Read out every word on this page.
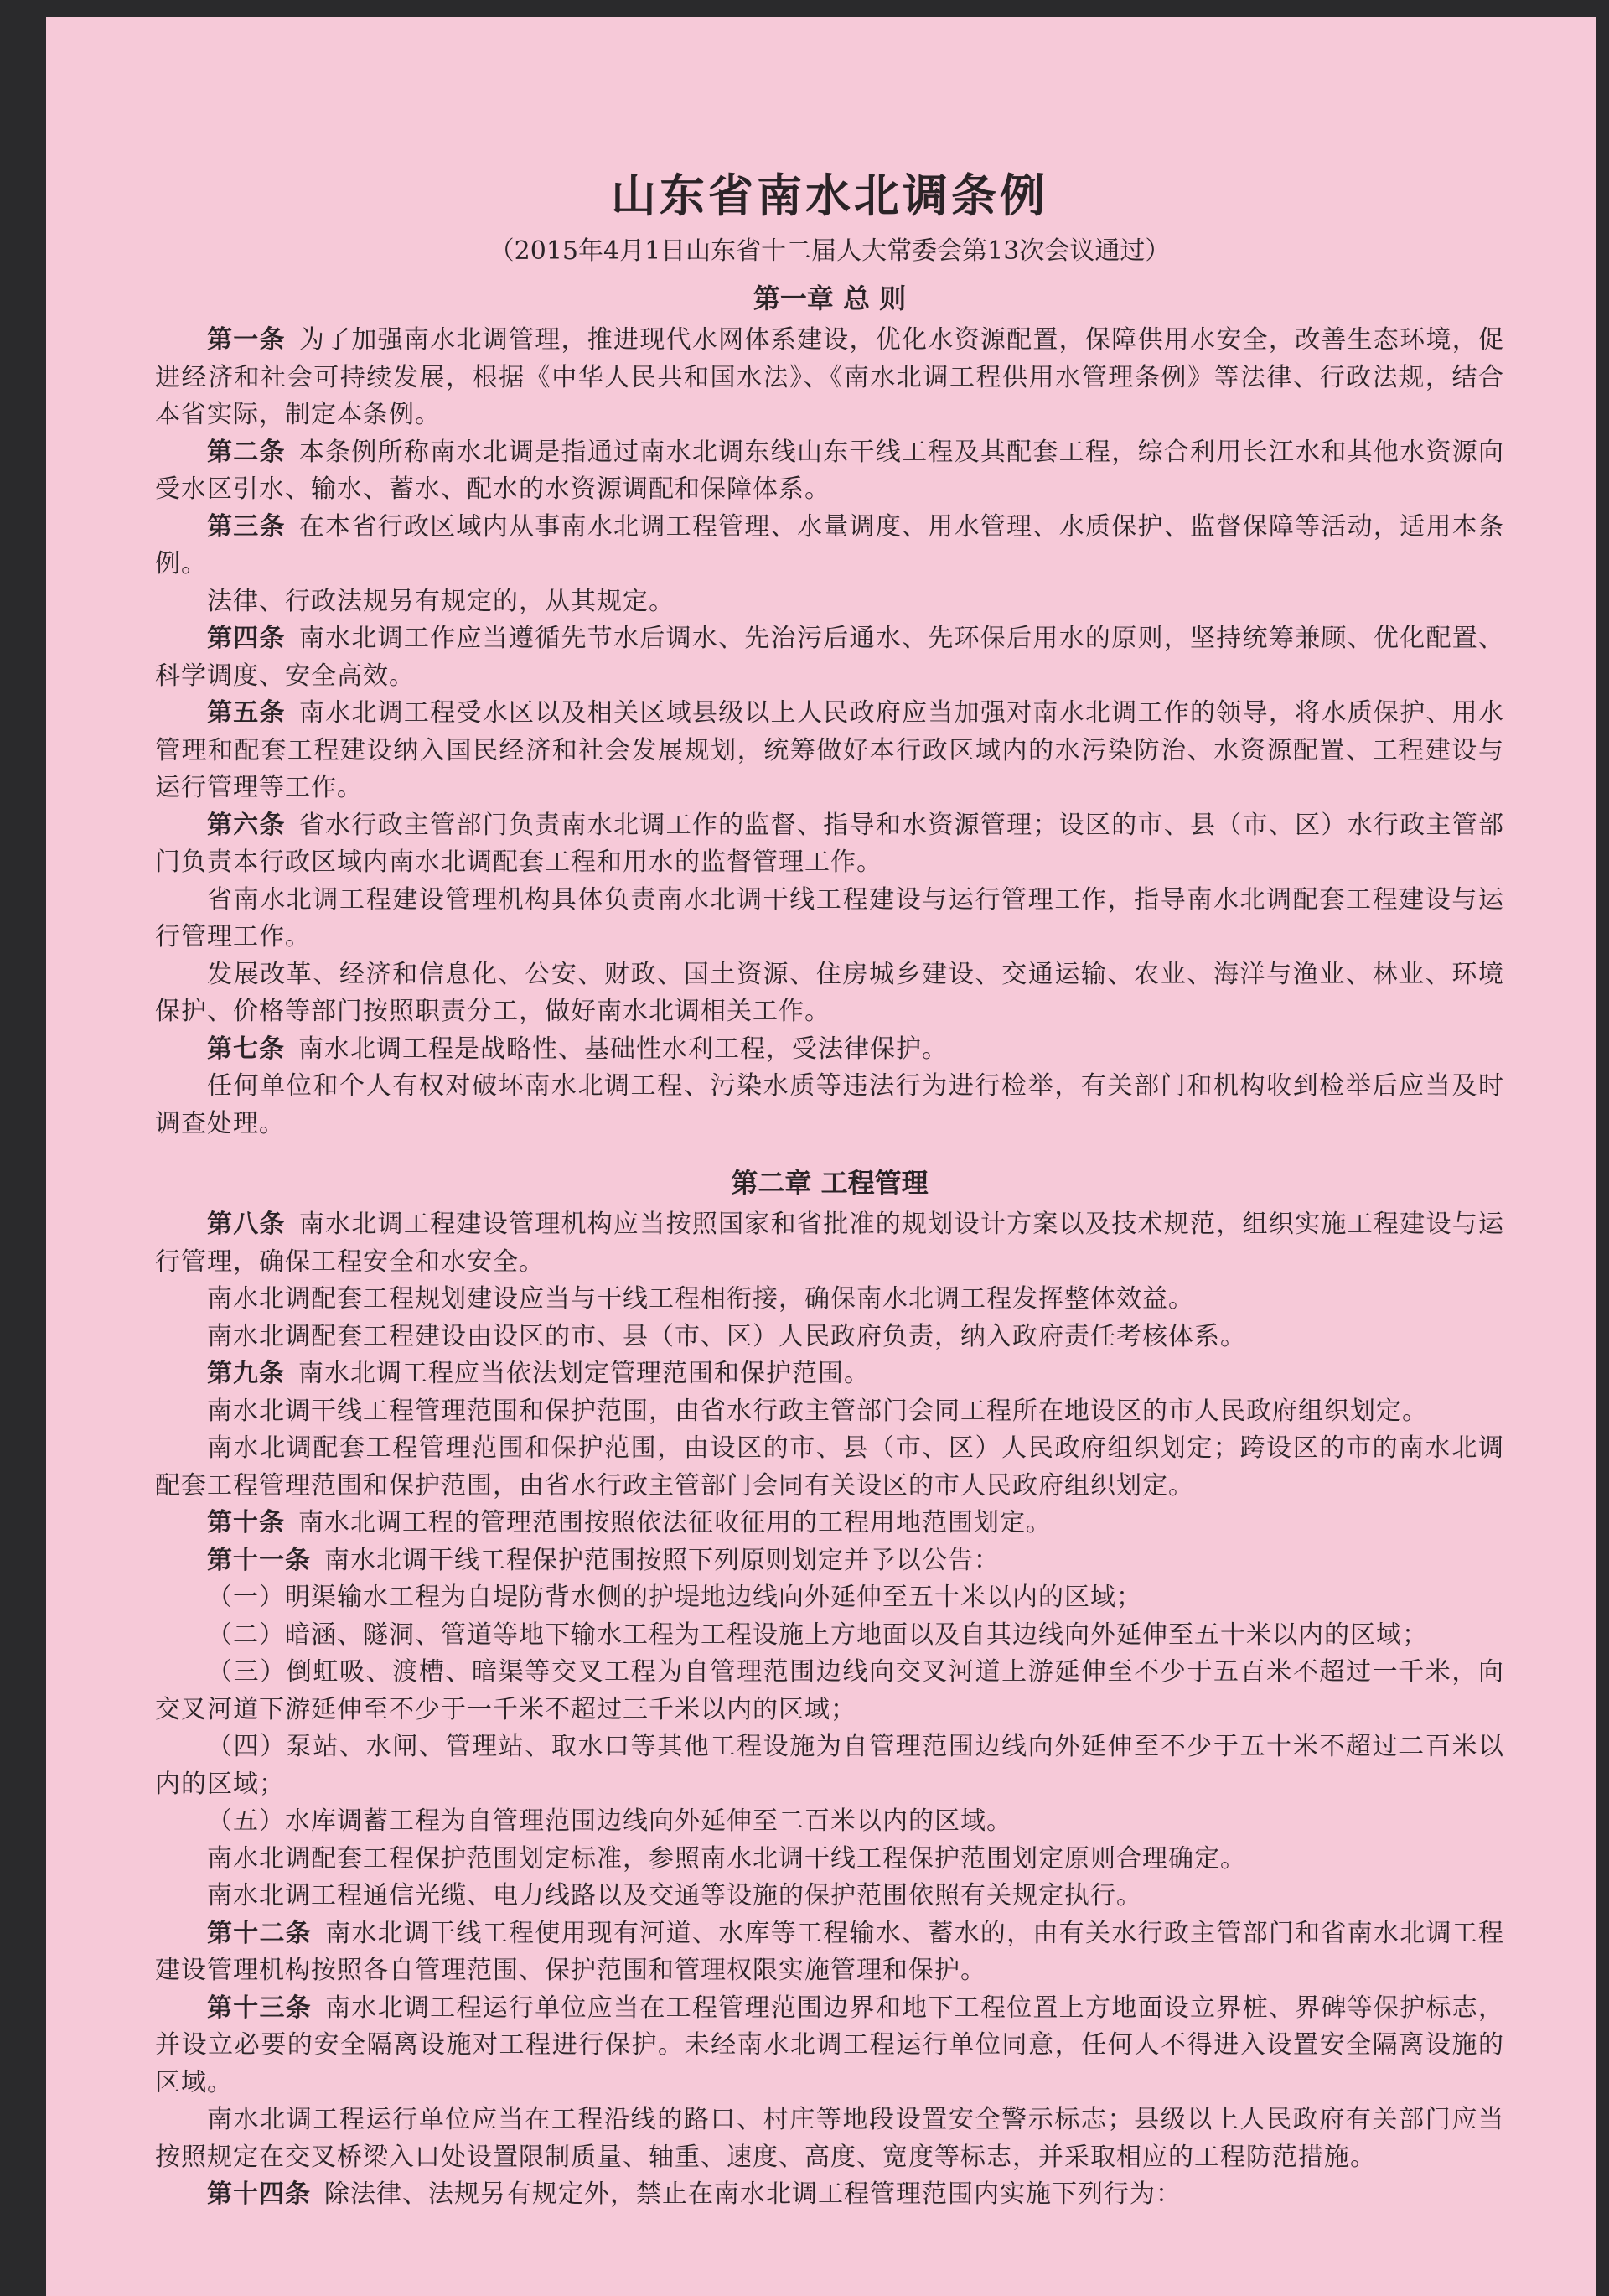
山东省南水北调条例
（2015年4月1日山东省十二届人大常委会第13次会议通过）
第一章 总 则

第一条 为了加强南水北调管理，推进现代水网体系建设，优化水资源配置，保障供用水安全，改善生态环境，促进经济和社会可持续发展，根据《中华人民共和国水法》、《南水北调工程供用水管理条例》等法律、行政法规，结合本省实际，制定本条例。

第二条 本条例所称南水北调是指通过南水北调东线山东干线工程及其配套工程，综合利用长江水和其他水资源向受水区引水、输水、蓄水、配水的水资源调配和保障体系。

第三条 在本省行政区域内从事南水北调工程管理、水量调度、用水管理、水质保护、监督保障等活动，适用本条例。

法律、行政法规另有规定的，从其规定。

第四条 南水北调工作应当遵循先节水后调水、先治污后通水、先环保后用水的原则，坚持统筹兼顾、优化配置、科学调度、安全高效。

第五条 南水北调工程受水区以及相关区域县级以上人民政府应当加强对南水北调工作的领导，将水质保护、用水管理和配套工程建设纳入国民经济和社会发展规划，统筹做好本行政区域内的水污染防治、水资源配置、工程建设与运行管理等工作。

第六条 省水行政主管部门负责南水北调工作的监督、指导和水资源管理；设区的市、县（市、区）水行政主管部门负责本行政区域内南水北调配套工程和用水的监督管理工作。

省南水北调工程建设管理机构具体负责南水北调干线工程建设与运行管理工作，指导南水北调配套工程建设与运行管理工作。

发展改革、经济和信息化、公安、财政、国土资源、住房城乡建设、交通运输、农业、海洋与渔业、林业、环境保护、价格等部门按照职责分工，做好南水北调相关工作。

第七条 南水北调工程是战略性、基础性水利工程，受法律保护。

任何单位和个人有权对破坏南水北调工程、污染水质等违法行为进行检举，有关部门和机构收到检举后应当及时调查处理。

第二章 工程管理

第八条 南水北调工程建设管理机构应当按照国家和省批准的规划设计方案以及技术规范，组织实施工程建设与运行管理，确保工程安全和水安全。

南水北调配套工程规划建设应当与干线工程相衔接，确保南水北调工程发挥整体效益。

南水北调配套工程建设由设区的市、县（市、区）人民政府负责，纳入政府责任考核体系。

第九条 南水北调工程应当依法划定管理范围和保护范围。

南水北调干线工程管理范围和保护范围，由省水行政主管部门会同工程所在地设区的市人民政府组织划定。

南水北调配套工程管理范围和保护范围，由设区的市、县（市、区）人民政府组织划定；跨设区的市的南水北调配套工程管理范围和保护范围，由省水行政主管部门会同有关设区的市人民政府组织划定。

第十条 南水北调工程的管理范围按照依法征收征用的工程用地范围划定。

第十一条 南水北调干线工程保护范围按照下列原则划定并予以公告：

（一）明渠输水工程为自堤防背水侧的护堤地边线向外延伸至五十米以内的区域；

（二）暗涵、隧洞、管道等地下输水工程为工程设施上方地面以及自其边线向外延伸至五十米以内的区域；

（三）倒虹吸、渡槽、暗渠等交叉工程为自管理范围边线向交叉河道上游延伸至不少于五百米不超过一千米，向交叉河道下游延伸至不少于一千米不超过三千米以内的区域；

（四）泵站、水闸、管理站、取水口等其他工程设施为自管理范围边线向外延伸至不少于五十米不超过二百米以内的区域；

（五）水库调蓄工程为自管理范围边线向外延伸至二百米以内的区域。

南水北调配套工程保护范围划定标准，参照南水北调干线工程保护范围划定原则合理确定。

南水北调工程通信光缆、电力线路以及交通等设施的保护范围依照有关规定执行。

第十二条 南水北调干线工程使用现有河道、水库等工程输水、蓄水的，由有关水行政主管部门和省南水北调工程建设管理机构按照各自管理范围、保护范围和管理权限实施管理和保护。

第十三条 南水北调工程运行单位应当在工程管理范围边界和地下工程位置上方地面设立界桩、界碑等保护标志，并设立必要的安全隔离设施对工程进行保护。未经南水北调工程运行单位同意，任何人不得进入设置安全隔离设施的区域。

南水北调工程运行单位应当在工程沿线的路口、村庄等地段设置安全警示标志；县级以上人民政府有关部门应当按照规定在交叉桥梁入口处设置限制质量、轴重、速度、高度、宽度等标志，并采取相应的工程防范措施。

第十四条 除法律、法规另有规定外，禁止在南水北调工程管理范围内实施下列行为：
